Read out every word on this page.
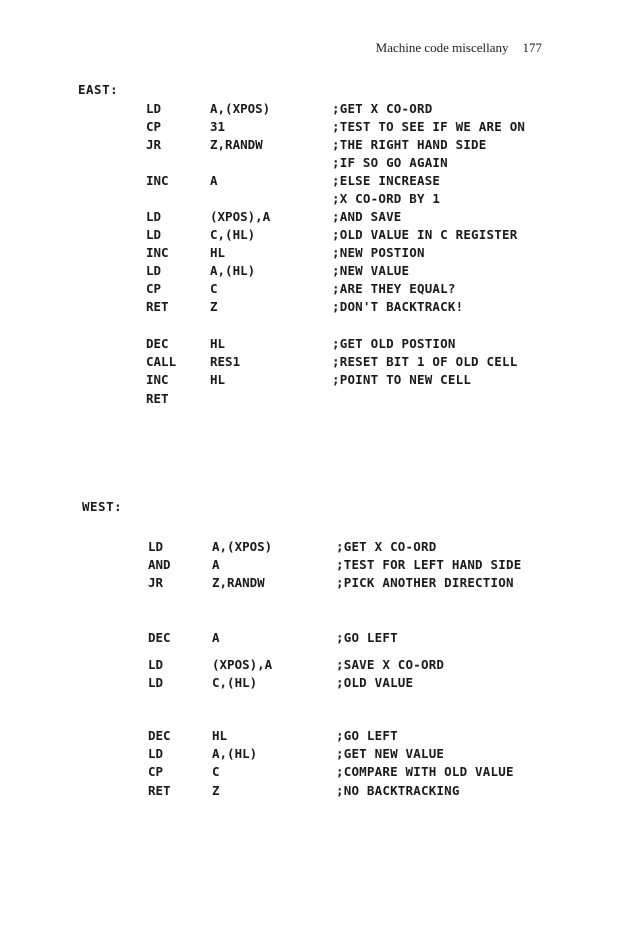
Machine code miscellany 177
EAST:
LD	A,(XPOS)	;GET X CO-ORD
CP	31	;TEST TO SEE IF WE ARE ON
JR	Z,RANDW	;THE RIGHT HAND SIDE
;IF SO GO AGAIN
INC	A	;ELSE INCREASE
;X CO-ORD BY 1
LD	(XPOS),A	;AND SAVE
LD	C,(HL)	;OLD VALUE IN C REGISTER
INC	HL	;NEW POSTION
LD	A,(HL)	;NEW VALUE
CP	C	;ARE THEY EQUAL?
RET	Z	;DON'T BACKTRACK!
DEC	HL	;GET OLD POSTION
CALL	RES1	;RESET BIT 1 OF OLD CELL
INC	HL	;POINT TO NEW CELL
RET
WEST:
LD	A,(XPOS)	;GET X CO-ORD
AND	A	;TEST FOR LEFT HAND SIDE
JR	Z,RANDW	;PICK ANOTHER DIRECTION
DEC	A	;GO LEFT
LD	(XPOS),A	;SAVE X CO-ORD
LD	C,(HL)	;OLD VALUE
DEC	HL	;GO LEFT
LD	A,(HL)	;GET NEW VALUE
CP	C	;COMPARE WITH OLD VALUE
RET	Z	;NO BACKTRACKING
